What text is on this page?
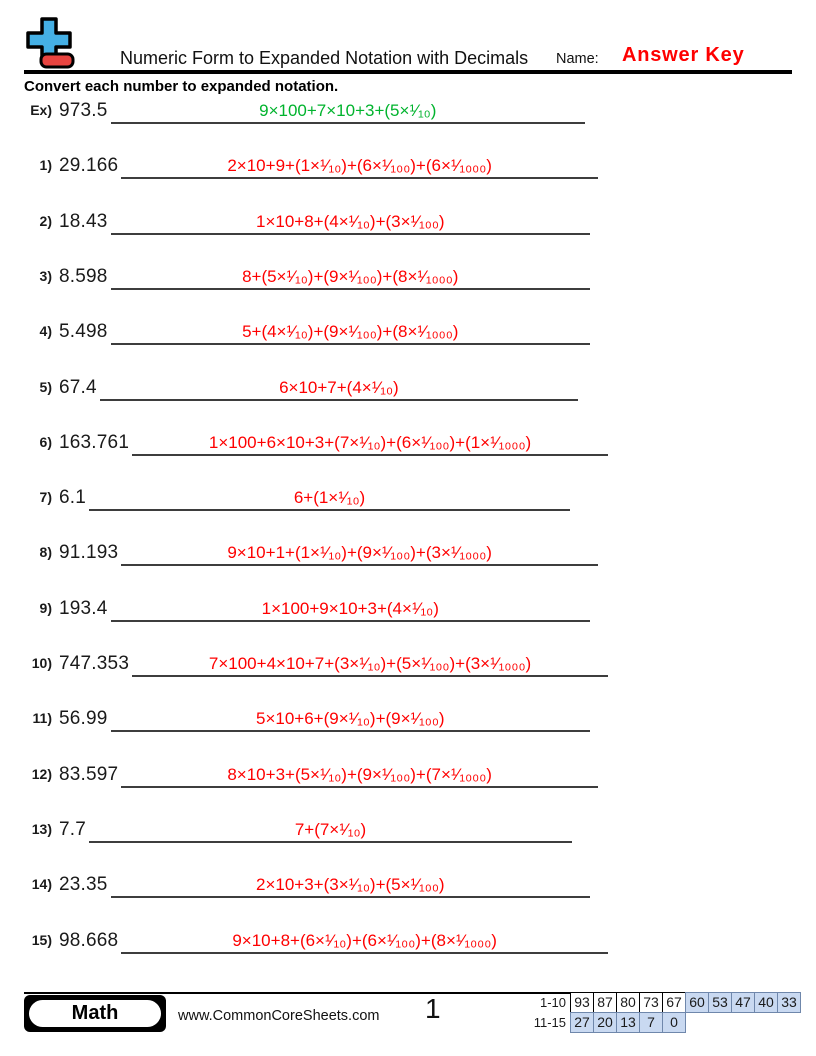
Numeric Form to Expanded Notation with Decimals Name: Answer Key
Convert each number to expanded notation.
Ex) 973.5	9×100+7×10+3+(5×¹⁄₁₀)
1) 29.166	2×10+9+(1×¹⁄₁₀)+(6×¹⁄₁₀₀)+(6×¹⁄₁₀₀₀)
2) 18.43	1×10+8+(4×¹⁄₁₀)+(3×¹⁄₁₀₀)
3) 8.598	8+(5×¹⁄₁₀)+(9×¹⁄₁₀₀)+(8×¹⁄₁₀₀₀)
4) 5.498	5+(4×¹⁄₁₀)+(9×¹⁄₁₀₀)+(8×¹⁄₁₀₀₀)
5) 67.4	6×10+7+(4×¹⁄₁₀)
6) 163.761	1×100+6×10+3+(7×¹⁄₁₀)+(6×¹⁄₁₀₀)+(1×¹⁄₁₀₀₀)
7) 6.1	6+(1×¹⁄₁₀)
8) 91.193	9×10+1+(1×¹⁄₁₀)+(9×¹⁄₁₀₀)+(3×¹⁄₁₀₀₀)
9) 193.4	1×100+9×10+3+(4×¹⁄₁₀)
10) 747.353	7×100+4×10+7+(3×¹⁄₁₀)+(5×¹⁄₁₀₀)+(3×¹⁄₁₀₀₀)
11) 56.99	5×10+6+(9×¹⁄₁₀)+(9×¹⁄₁₀₀)
12) 83.597	8×10+3+(5×¹⁄₁₀)+(9×¹⁄₁₀₀)+(7×¹⁄₁₀₀₀)
13) 7.7	7+(7×¹⁄₁₀)
14) 23.35	2×10+3+(3×¹⁄₁₀)+(5×¹⁄₁₀₀)
15) 98.668	9×10+8+(6×¹⁄₁₀)+(6×¹⁄₁₀₀)+(8×¹⁄₁₀₀₀)
Math	www.CommonCoreSheets.com 1	1-10 93 87 80 73 67 60 53 47 40 33
11-15 27 20 13 7	0
